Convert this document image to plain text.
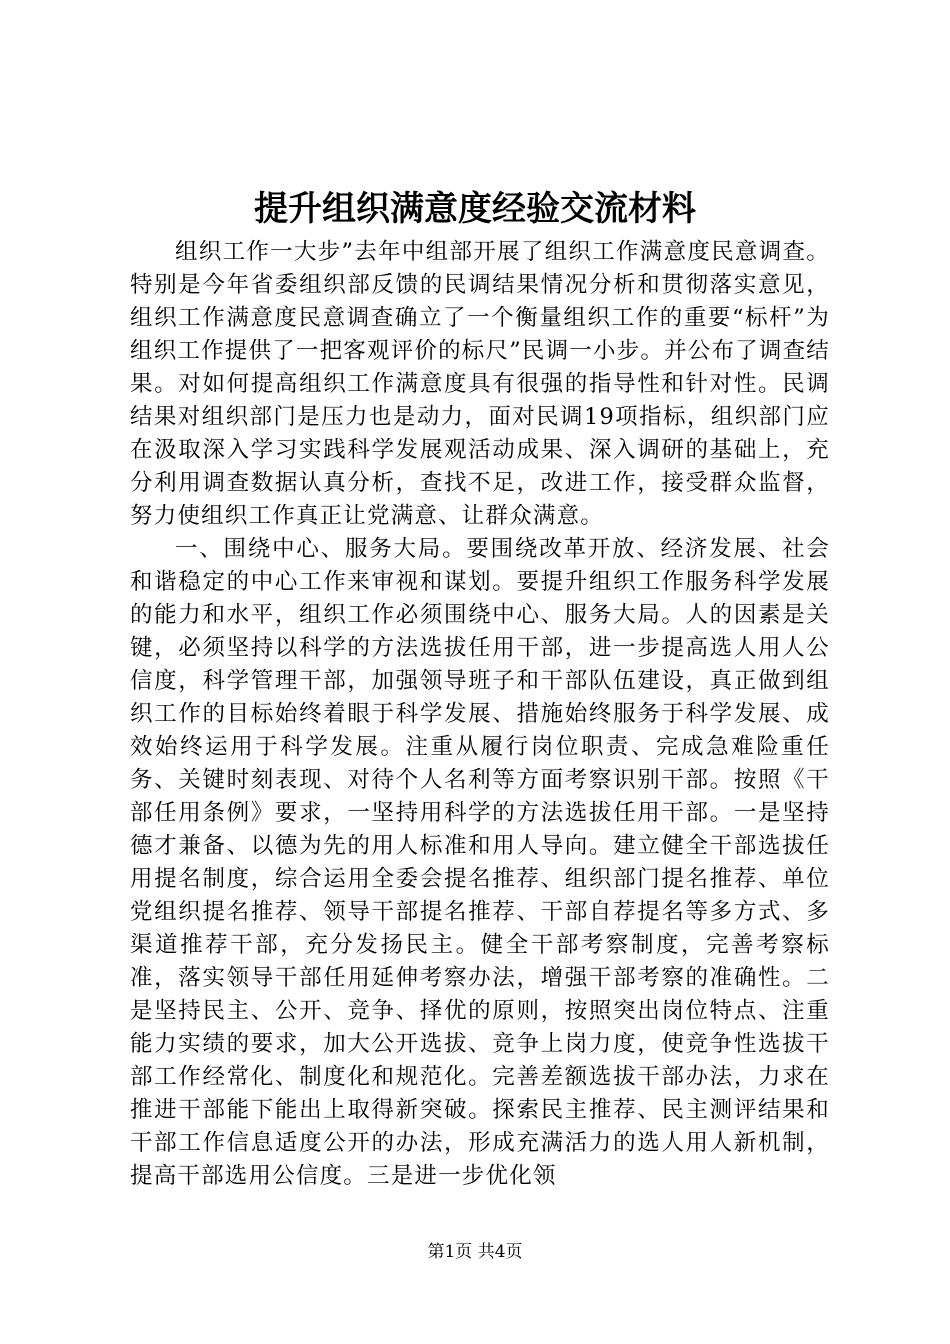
提升组织满意度经验交流材料

组织工作一大步”去年中组部开展了组织工作满意度民意调查。特别是今年省委组织部反馈的民调结果情况分析和贯彻落实意见，组织工作满意度民意调查确立了一个衡量组织工作的重要“标杆”为组织工作提供了一把客观评价的标尺”民调一小步。并公布了调查结果。对如何提高组织工作满意度具有很强的指导性和针对性。民调结果对组织部门是压力也是动力，面对民调19项指标，组织部门应在汲取深入学习实践科学发展观活动成果、深入调研的基础上，充分利用调查数据认真分析，查找不足，改进工作，接受群众监督，努力使组织工作真正让党满意、让群众满意。

一、围绕中心、服务大局。要围绕改革开放、经济发展、社会和谐稳定的中心工作来审视和谋划。要提升组织工作服务科学发展的能力和水平，组织工作必须围绕中心、服务大局。人的因素是关键，必须坚持以科学的方法选拔任用干部，进一步提高选人用人公信度，科学管理干部，加强领导班子和干部队伍建设，真正做到组织工作的目标始终着眼于科学发展、措施始终服务于科学发展、成效始终运用于科学发展。注重从履行岗位职责、完成急难险重任务、关键时刻表现、对待个人名利等方面考察识别干部。按照《干部任用条例》要求，一坚持用科学的方法选拔任用干部。一是坚持德才兼备、以德为先的用人标准和用人导向。建立健全干部选拔任用提名制度，综合运用全委会提名推荐、组织部门提名推荐、单位党组织提名推荐、领导干部提名推荐、干部自荐提名等多方式、多渠道推荐干部，充分发扬民主。健全干部考察制度，完善考察标准，落实领导干部任用延伸考察办法，增强干部考察的准确性。二是坚持民主、公开、竞争、择优的原则，按照突出岗位特点、注重能力实绩的要求，加大公开选拔、竞争上岗力度，使竞争性选拔干部工作经常化、制度化和规范化。完善差额选拔干部办法，力求在推进干部能下能出上取得新突破。探索民主推荐、民主测评结果和干部工作信息适度公开的办法，形成充满活力的选人用人新机制，提高干部选用公信度。三是进一步优化领

第1页 共4页
